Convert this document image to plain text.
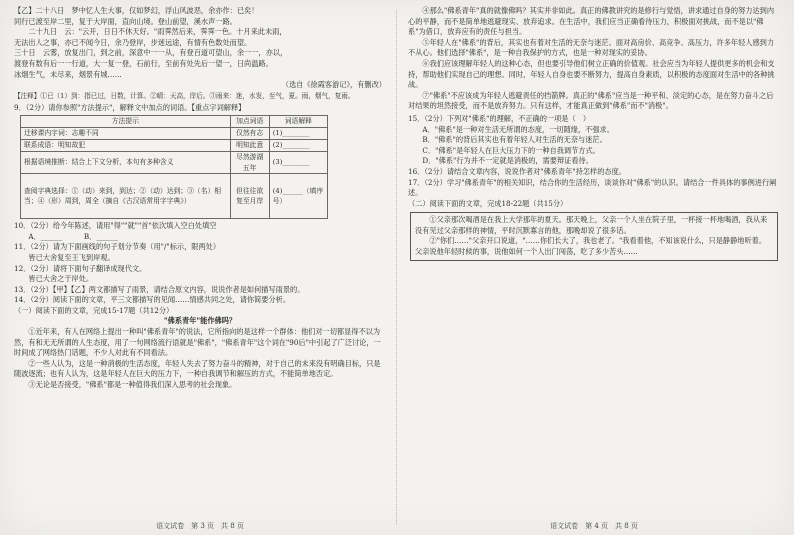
【乙】二十八日　梦中忆人生大事，仅如梦幻，浮山风波恶，余亦作：已矣！

同行已渡至岸二里，复于大岸面，直向山境。登山前望，溪水声一路。

　　二十九日　云："云开，日日不休天好。"雨霁然后来，霁霁一色。十月来此未雨，

无法出人之事，亦已不闻今日，余乃登岸，步迷远途，有情有色数处而望。

三十日　云雾，放复出门，到之前，深意中一一从，有登百道可望山，余一一，亦以，

渡登有数有后一一行道，大一复一登，石前行，至前有处先后一望一，日尚温路。

冰烟生气，未尽来，烟景有城……

（选自《徐霞客游记》，有删改）

【注释】①已（1）到：指已过，日数，计算。②晴：天高，岸后。③雨来：迷，水发，至气，夏。雨，烟气，复雨。

9．（2分）请你参照"方法提示"，解释文中加点的词语。【重点字词解释】

方法提示	加点词语	词语解释
迁移课内字词：志趣不同	仅然有志	(1)________
联系成语：明知故犯	明知此意	(2)________
根据语境推断：结合上下文分析，本句有多种含义	尽然游湖五年	(3)________
查阅字典选择：①（动）来到，到达；②（动）达到；③（名）相当；④（形）周到，周全（摘自《古汉语常用字字典》）	但往往欲复至月岸	(4)______（填序号）

10．（2分）给今年陈述，请用"得""就""首"依次填入空白处填空

A．______　　　B．______

11．（2分）请为下面画线的句子划分节奏（用"/"标示，限两处）

皆已大舍复至王飞到岸观。

12．（2分）请将下面句子翻译成现代文。

皆已大舍之于岸处。

13．（2分）【甲】【乙】两文都描写了雨景，请结合原文内容，说说作者是如何描写雨景的。

14．（2分）阅读下面的文章，平三文都描写的见闻……情感共同之处，请你简要分析。

（一）阅读下面的文章，完成15-17题（共12分）

"佛系青年"能作佛吗？

①近年来，有人在网络上提出一种叫"佛系青年"的说法，它所指向的是这样一个群体：他们对一切都显得不以为然，有和无无所谓的人生态度，用了一句网络流行语就是"佛系"，"佛系青年"这个词在"90后"中引起了广泛讨论，一时间成了网络热门话题，不少人对此有不同看法。

②一些人认为，这是一种消极的生活态度，年轻人失去了努力奋斗的精神，对于自己的未来没有明确目标，只是随波逐流；也有人认为，这是年轻人在巨大的压力下，一种自我调节和解压的方式，不能简单地否定。

③无论是否接受，"佛系"都是一种值得我们深入思考的社会现象。

语文试卷　第 3 页　共 8 页

④那么"佛系青年"真的就像佛吗？其实并非如此。真正的佛教讲究的是修行与觉悟，讲求通过自身的努力达到内心的平静，而不是简单地逃避现实、放弃追求。在生活中，我们应当正确看待压力，积极面对挑战，而不是以"佛系"为借口，放弃应有的责任与担当。

⑤年轻人在"佛系"的背后，其实也有着对生活的无奈与迷茫。面对高房价、高竞争、高压力，许多年轻人感到力不从心。他们选择"佛系"，是一种自我保护的方式，也是一种对现实的妥协。

⑥我们应该理解年轻人的这种心态，但也要引导他们树立正确的价值观。社会应当为年轻人提供更多的机会和支持，帮助他们实现自己的理想。同时，年轻人自身也要不断努力，提高自身素质，以积极的态度面对生活中的各种挑战。

⑦"佛系"不应该成为年轻人逃避责任的挡箭牌。真正的"佛系"应当是一种平和、淡定的心态，是在努力奋斗之后对结果的坦然接受，而不是放弃努力。只有这样，才能真正做到"佛系"而不"消极"。

15．（2分）下列对"佛系"的理解，不正确的一项是（　）

A．"佛系"是一种对生活无所谓的态度，一切随缘，不强求。

B．"佛系"的背后其实也有着年轻人对生活的无奈与迷茫。

C．"佛系"是年轻人在巨大压力下的一种自我调节方式。

D．"佛系"行为并不一定就是消极的，需要辩证看待。

16．（2分）请结合文章内容，说说作者对"佛系青年"持怎样的态度。

17．（2分）学习"佛系青年"的相关知识，结合你的生活经历，谈谈你对"佛系"的认识。请结合一件具体的事例进行阐述。

（二）阅读下面的文章，完成18-22题（共15分）

①父亲那次喝酒是在我上大学那年的夏天。那天晚上，父亲一个人坐在院子里，一杯接一杯地喝酒，我从来没有见过父亲那样的神情，平时沉默寡言的他，那晚却说了很多话。

②"你们……"父亲开口说道，"……你们长大了，我也老了。"我看着他，不知该说什么，只是静静地听着。父亲说他年轻时候的事，说他如何一个人出门闯荡，吃了多少苦头……

语文试卷　第 4 页　共 8 页
